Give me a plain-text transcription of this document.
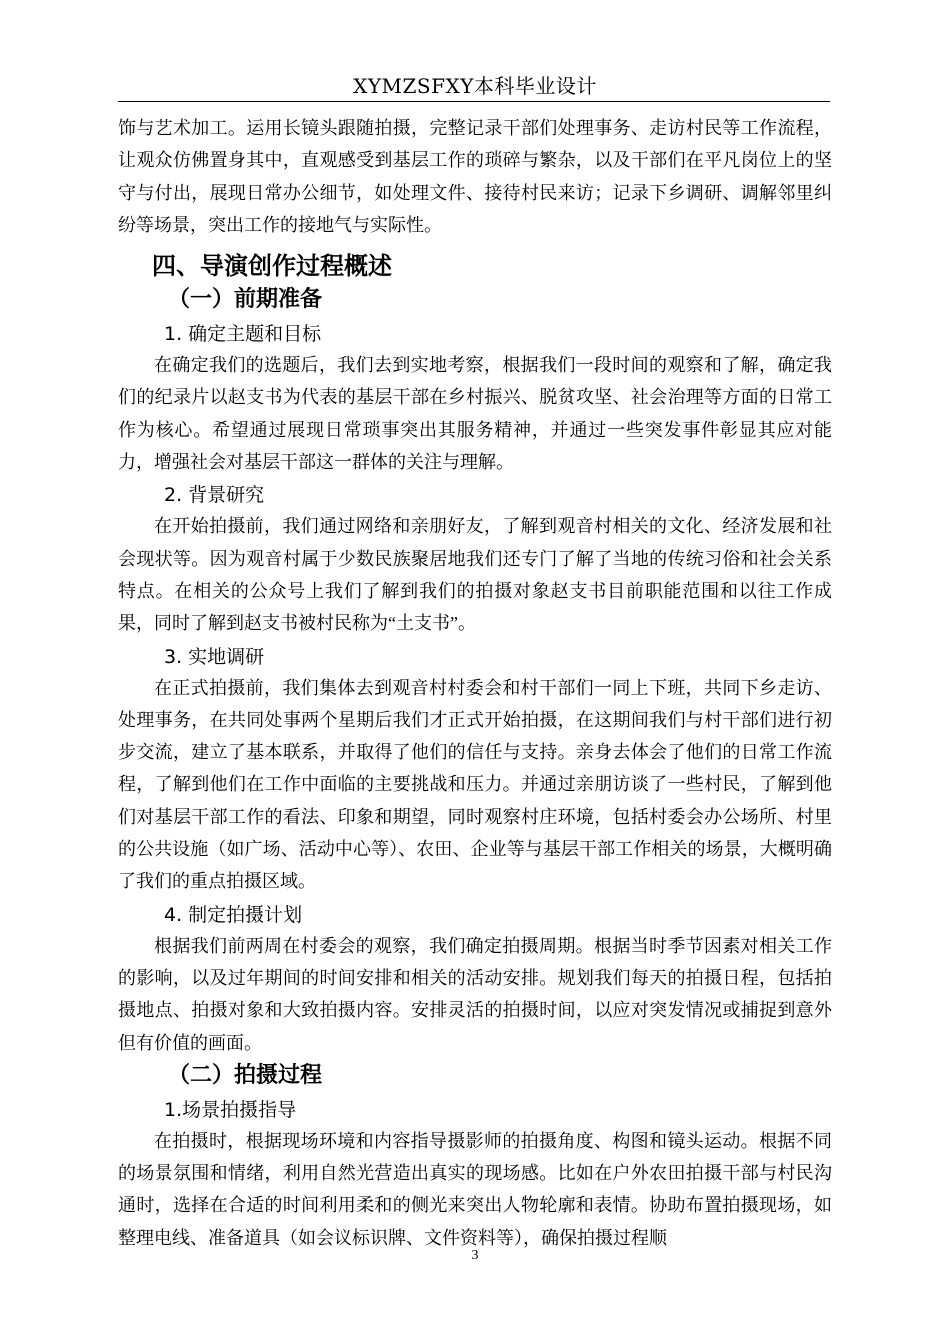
XYMZSFXY本科毕业设计

饰与艺术加工。运用长镜头跟随拍摄，完整记录干部们处理事务、走访村民等工作流程，让观众仿佛置身其中，直观感受到基层工作的琐碎与繁杂，以及干部们在平凡岗位上的坚守与付出，展现日常办公细节，如处理文件、接待村民来访；记录下乡调研、调解邻里纠纷等场景，突出工作的接地气与实际性。

四、导演创作过程概述
（一）前期准备
1. 确定主题和目标

在确定我们的选题后，我们去到实地考察，根据我们一段时间的观察和了解，确定我们的纪录片以赵支书为代表的基层干部在乡村振兴、脱贫攻坚、社会治理等方面的日常工作为核心。希望通过展现日常琐事突出其服务精神，并通过一些突发事件彰显其应对能力，增强社会对基层干部这一群体的关注与理解。

2. 背景研究

在开始拍摄前，我们通过网络和亲朋好友，了解到观音村相关的文化、经济发展和社会现状等。因为观音村属于少数民族聚居地我们还专门了解了当地的传统习俗和社会关系特点。在相关的公众号上我们了解到我们的拍摄对象赵支书目前职能范围和以往工作成果，同时了解到赵支书被村民称为“土支书”。

3. 实地调研

在正式拍摄前，我们集体去到观音村村委会和村干部们一同上下班，共同下乡走访、处理事务，在共同处事两个星期后我们才正式开始拍摄，在这期间我们与村干部们进行初步交流，建立了基本联系，并取得了他们的信任与支持。亲身去体会了他们的日常工作流程，了解到他们在工作中面临的主要挑战和压力。并通过亲朋访谈了一些村民，了解到他们对基层干部工作的看法、印象和期望，同时观察村庄环境，包括村委会办公场所、村里的公共设施（如广场、活动中心等）、农田、企业等与基层干部工作相关的场景，大概明确了我们的重点拍摄区域。

4. 制定拍摄计划

根据我们前两周在村委会的观察，我们确定拍摄周期。根据当时季节因素对相关工作的影响，以及过年期间的时间安排和相关的活动安排。规划我们每天的拍摄日程，包括拍摄地点、拍摄对象和大致拍摄内容。安排灵活的拍摄时间，以应对突发情况或捕捉到意外但有价值的画面。

（二）拍摄过程
1.场景拍摄指导

在拍摄时，根据现场环境和内容指导摄影师的拍摄角度、构图和镜头运动。根据不同的场景氛围和情绪，利用自然光营造出真实的现场感。比如在户外农田拍摄干部与村民沟通时，选择在合适的时间利用柔和的侧光来突出人物轮廓和表情。协助布置拍摄现场，如整理电线、准备道具（如会议标识牌、文件资料等），确保拍摄过程顺

3
